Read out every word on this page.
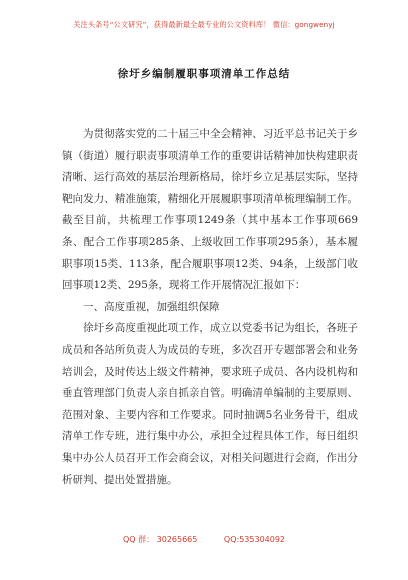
关注头条号“公文研究”，获得最新最全最专业的公文资料库！ 微信：gongwenyj
徐圩乡编制履职事项清单工作总结

为贯彻落实党的二十届三中全会精神、习近平总书记关于乡镇（街道）履行职责事项清单工作的重要讲话精神加快构建职责清晰、运行高效的基层治理新格局，徐圩乡立足基层实际，坚持靶向发力、精准施策，精细化开展履职事项清单梳理编制工作。截至目前，共梳理工作事项1249条（其中基本工作事项669条、配合工作事项285条、上级收回工作事项295条），基本履职事项15类、113条，配合履职事项12类、94条，上级部门收回事项12类、295条，现将工作开展情况汇报如下：

一、高度重视，加强组织保障

徐圩乡高度重视此项工作，成立以党委书记为组长，各班子成员和各站所负责人为成员的专班，多次召开专题部署会和业务培训会，及时传达上级文件精神，要求班子成员、各内设机构和垂直管理部门负责人亲自抓亲自管。明确清单编制的主要原则、范围对象、主要内容和工作要求。同时抽调5名业务骨干，组成清单工作专班，进行集中办公，承担全过程具体工作，每日组织集中办公人员召开工作会商会议，对相关问题进行会商，作出分析研判、提出处置措施。

QQ 群： 30265665	QQ:535304092
